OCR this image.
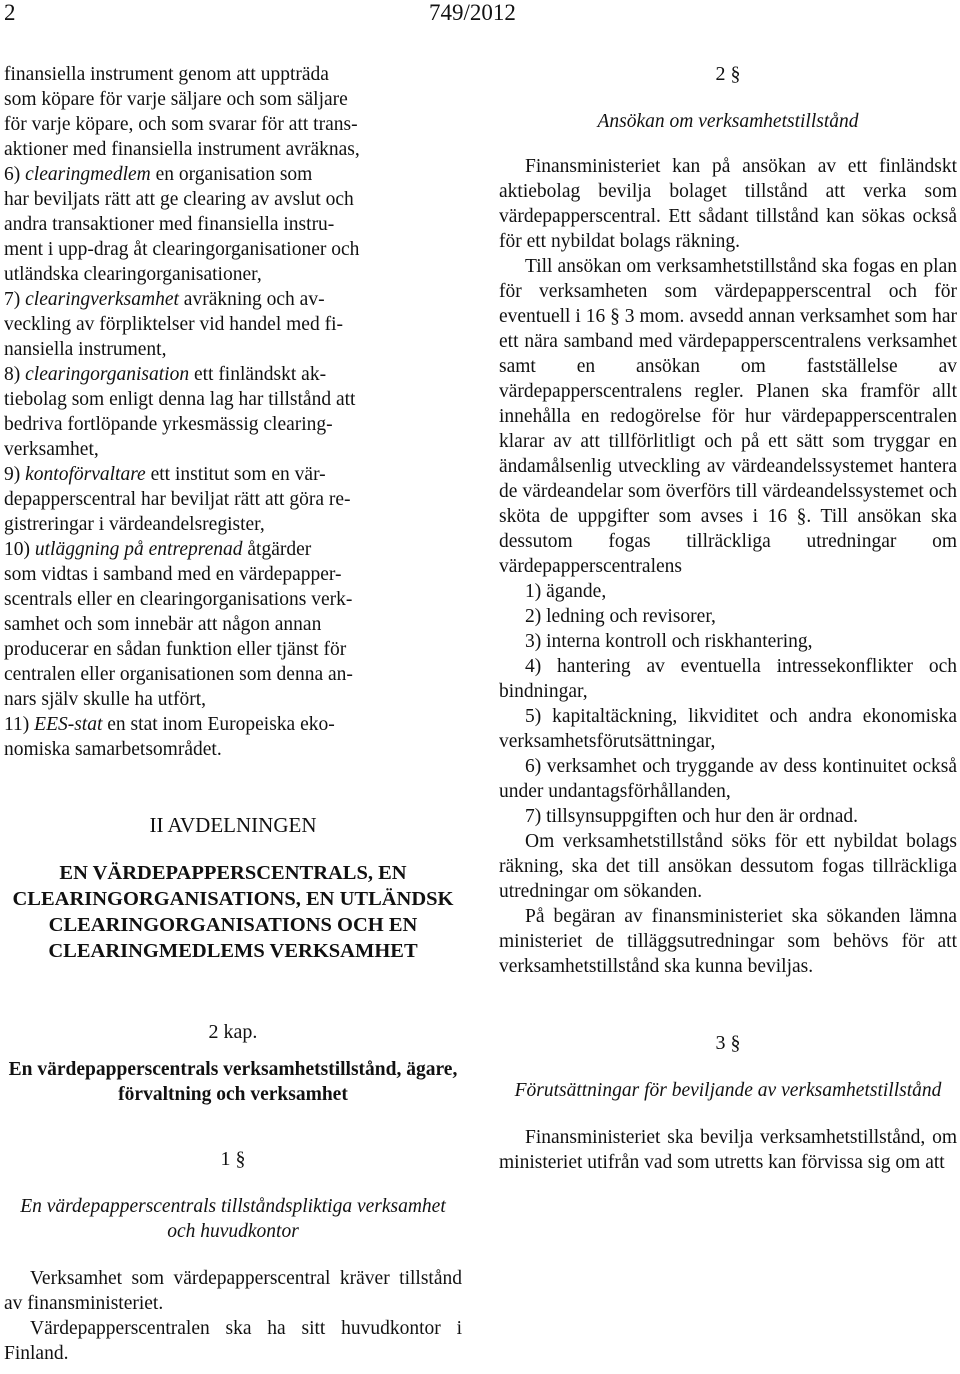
2	749/2012
finansiella instrument genom att uppträda
som köpare för varje säljare och som säljare
för varje köpare, och som svarar för att trans-
aktioner med finansiella instrument avräknas,
6) clearingmedlem en organisation som
har beviljats rätt att ge clearing av avslut och
andra transaktioner med finansiella instru-
ment i upp-drag åt clearingorganisationer och
utländska clearingorganisationer,
7) clearingverksamhet avräkning och av-
veckling av förpliktelser vid handel med fi-
nansiella instrument,
8) clearingorganisation ett finländskt ak-
tiebolag som enligt denna lag har tillstånd att
bedriva fortlöpande yrkesmässig clearing-
verksamhet,
9) kontoförvaltare ett institut som en vär-
depapperscentral har beviljat rätt att göra re-
gistreringar i värdeandelsregister,
10) utläggning på entreprenad åtgärder
som vidtas i samband med en värdepapper-
scentrals eller en clearingorganisations verk-
samhet och som innebär att någon annan
producerar en sådan funktion eller tjänst för
centralen eller organisationen som denna an-
nars själv skulle ha utfört,
11) EES-stat en stat inom Europeiska eko-
nomiska samarbetsområdet.

II AVDELNINGEN

EN VÄRDEPAPPERSCENTRALS, EN CLEARINGORGANISATIONS, EN UTLÄNDSK CLEARINGORGANISATIONS OCH EN CLEARINGMEDLEMS VERKSAMHET

2 kap.

En värdepapperscentrals verksamhetstillstånd, ägare, förvaltning och verksamhet

1 §

En värdepapperscentrals tillståndspliktiga verksamhet och huvudkontor

Verksamhet som värdepapperscentral kräver tillstånd av finansministeriet.

Värdepapperscentralen ska ha sitt huvudkontor i Finland.

2 §

Ansökan om verksamhetstillstånd

Finansministeriet kan på ansökan av ett finländskt aktiebolag bevilja bolaget tillstånd att verka som värdepapperscentral. Ett sådant tillstånd kan sökas också för ett nybildat bolags räkning.

Till ansökan om verksamhetstillstånd ska fogas en plan för verksamheten som värdepapperscentral och för eventuell i 16 § 3 mom. avsedd annan verksamhet som har ett nära samband med värdepapperscentralens verksamhet samt en ansökan om fastställelse av värdepapperscentralens regler. Planen ska framför allt innehålla en redogörelse för hur värdepapperscentralen klarar av att tillförlitligt och på ett sätt som tryggar en ändamålsenlig utveckling av värdeandelssystemet hantera de värdeandelar som överförs till värdeandelssystemet och sköta de uppgifter som avses i 16 §. Till ansökan ska dessutom fogas tillräckliga utredningar om värdepapperscentralens

1) ägande,

2) ledning och revisorer,

3) interna kontroll och riskhantering,

4) hantering av eventuella intressekonflikter och bindningar,

5) kapitaltäckning, likviditet och andra ekonomiska verksamhetsförutsättningar,

6) verksamhet och tryggande av dess kontinuitet också under undantagsförhållanden,

7) tillsynsuppgiften och hur den är ordnad.

Om verksamhetstillstånd söks för ett nybildat bolags räkning, ska det till ansökan dessutom fogas tillräckliga utredningar om sökanden.

På begäran av finansministeriet ska sökanden lämna ministeriet de tilläggsutredningar som behövs för att verksamhetstillstånd ska kunna beviljas.

3 §

Förutsättningar för beviljande av verksamhetstillstånd

Finansministeriet ska bevilja verksamhetstillstånd, om ministeriet utifrån vad som utretts kan förvissa sig om att
